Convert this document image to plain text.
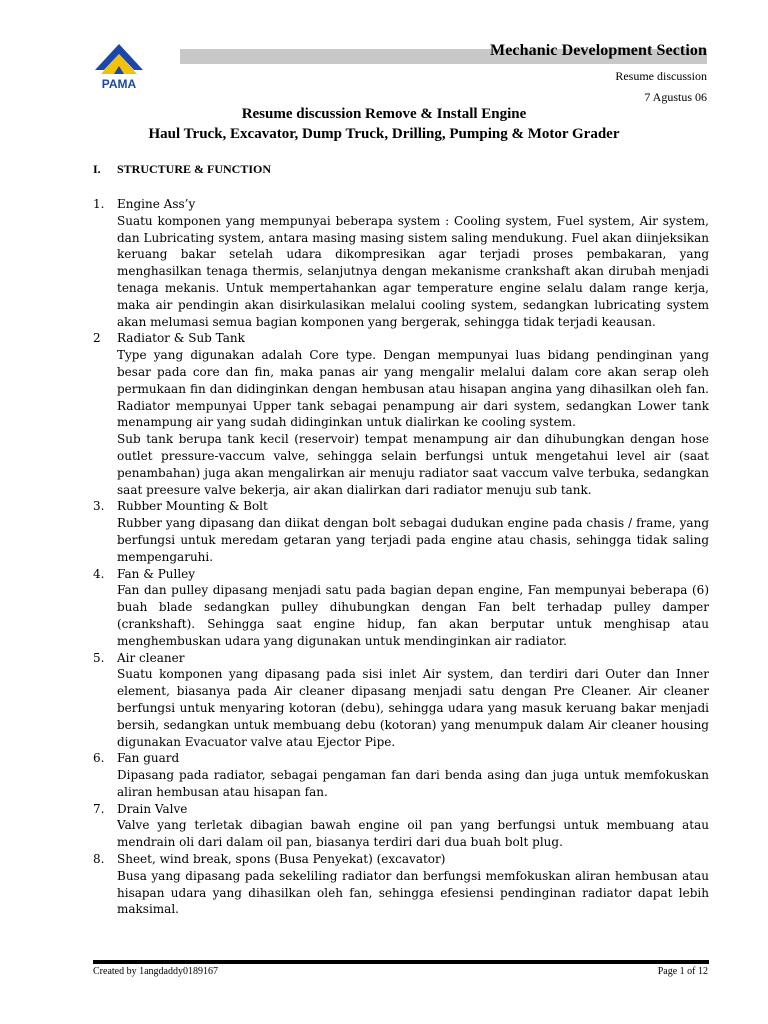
PAMA
Mechanic Development Section
Resume discussion
7 Agustus 06
Resume discussion Remove & Install Engine
Haul Truck, Excavator, Dump Truck, Drilling, Pumping & Motor Grader
I. STRUCTURE & FUNCTION
1.	Engine Ass’y
Suatu komponen yang mempunyai beberapa system : Cooling system, Fuel system, Air system, dan Lubricating system, antara masing masing sistem saling mendukung. Fuel akan diinjeksikan keruang bakar setelah udara dikompresikan agar terjadi proses pembakaran, yang menghasilkan tenaga thermis, selanjutnya dengan mekanisme crankshaft akan dirubah menjadi tenaga mekanis. Untuk mempertahankan agar temperature engine selalu dalam range kerja, maka air pendingin akan disirkulasikan melalui cooling system, sedangkan lubricating system akan melumasi semua bagian komponen yang bergerak, sehingga tidak terjadi keausan.
2	Radiator & Sub Tank
Type yang digunakan adalah Core type. Dengan mempunyai luas bidang pendinginan yang besar pada core dan fin, maka panas air yang mengalir melalui dalam core akan serap oleh permukaan fin dan didinginkan dengan hembusan atau hisapan angina yang dihasilkan oleh fan. Radiator mempunyai Upper tank sebagai penampung air dari system, sedangkan Lower tank menampung air yang sudah didinginkan untuk dialirkan ke cooling system.
Sub tank berupa tank kecil (reservoir) tempat menampung air dan dihubungkan dengan hose outlet pressure-vaccum valve, sehingga selain berfungsi untuk mengetahui level air (saat penambahan) juga akan mengalirkan air menuju radiator saat vaccum valve terbuka, sedangkan saat preesure valve bekerja, air akan dialirkan dari radiator menuju sub tank.
3.	Rubber Mounting & Bolt
Rubber yang dipasang dan diikat dengan bolt sebagai dudukan engine pada chasis / frame, yang berfungsi untuk meredam getaran yang terjadi pada engine atau chasis, sehingga tidak saling mempengaruhi.
4.	Fan & Pulley
Fan dan pulley dipasang menjadi satu pada bagian depan engine, Fan mempunyai beberapa (6) buah blade sedangkan pulley dihubungkan dengan Fan belt terhadap pulley damper (crankshaft). Sehingga saat engine hidup, fan akan berputar untuk menghisap atau menghembuskan udara yang digunakan untuk mendinginkan air radiator.
5.	Air cleaner
Suatu komponen yang dipasang pada sisi inlet Air system, dan terdiri dari Outer dan Inner element, biasanya pada Air cleaner dipasang menjadi satu dengan Pre Cleaner. Air cleaner berfungsi untuk menyaring kotoran (debu), sehingga udara yang masuk keruang bakar menjadi bersih, sedangkan untuk membuang debu (kotoran) yang menumpuk dalam Air cleaner housing digunakan Evacuator valve atau Ejector Pipe.
6.	Fan guard
Dipasang pada radiator, sebagai pengaman fan dari benda asing dan juga untuk memfokuskan aliran hembusan atau hisapan fan.
7.	Drain Valve
Valve yang terletak dibagian bawah engine oil pan yang berfungsi untuk membuang atau mendrain oli dari dalam oil pan, biasanya terdiri dari dua buah bolt plug.
8.	Sheet, wind break, spons (Busa Penyekat) (excavator)
Busa yang dipasang pada sekeliling radiator dan berfungsi memfokuskan aliran hembusan atau hisapan udara yang dihasilkan oleh fan, sehingga efesiensi pendinginan radiator dapat lebih maksimal.
Created by 1angdaddy0189167	Page 1 of 12
